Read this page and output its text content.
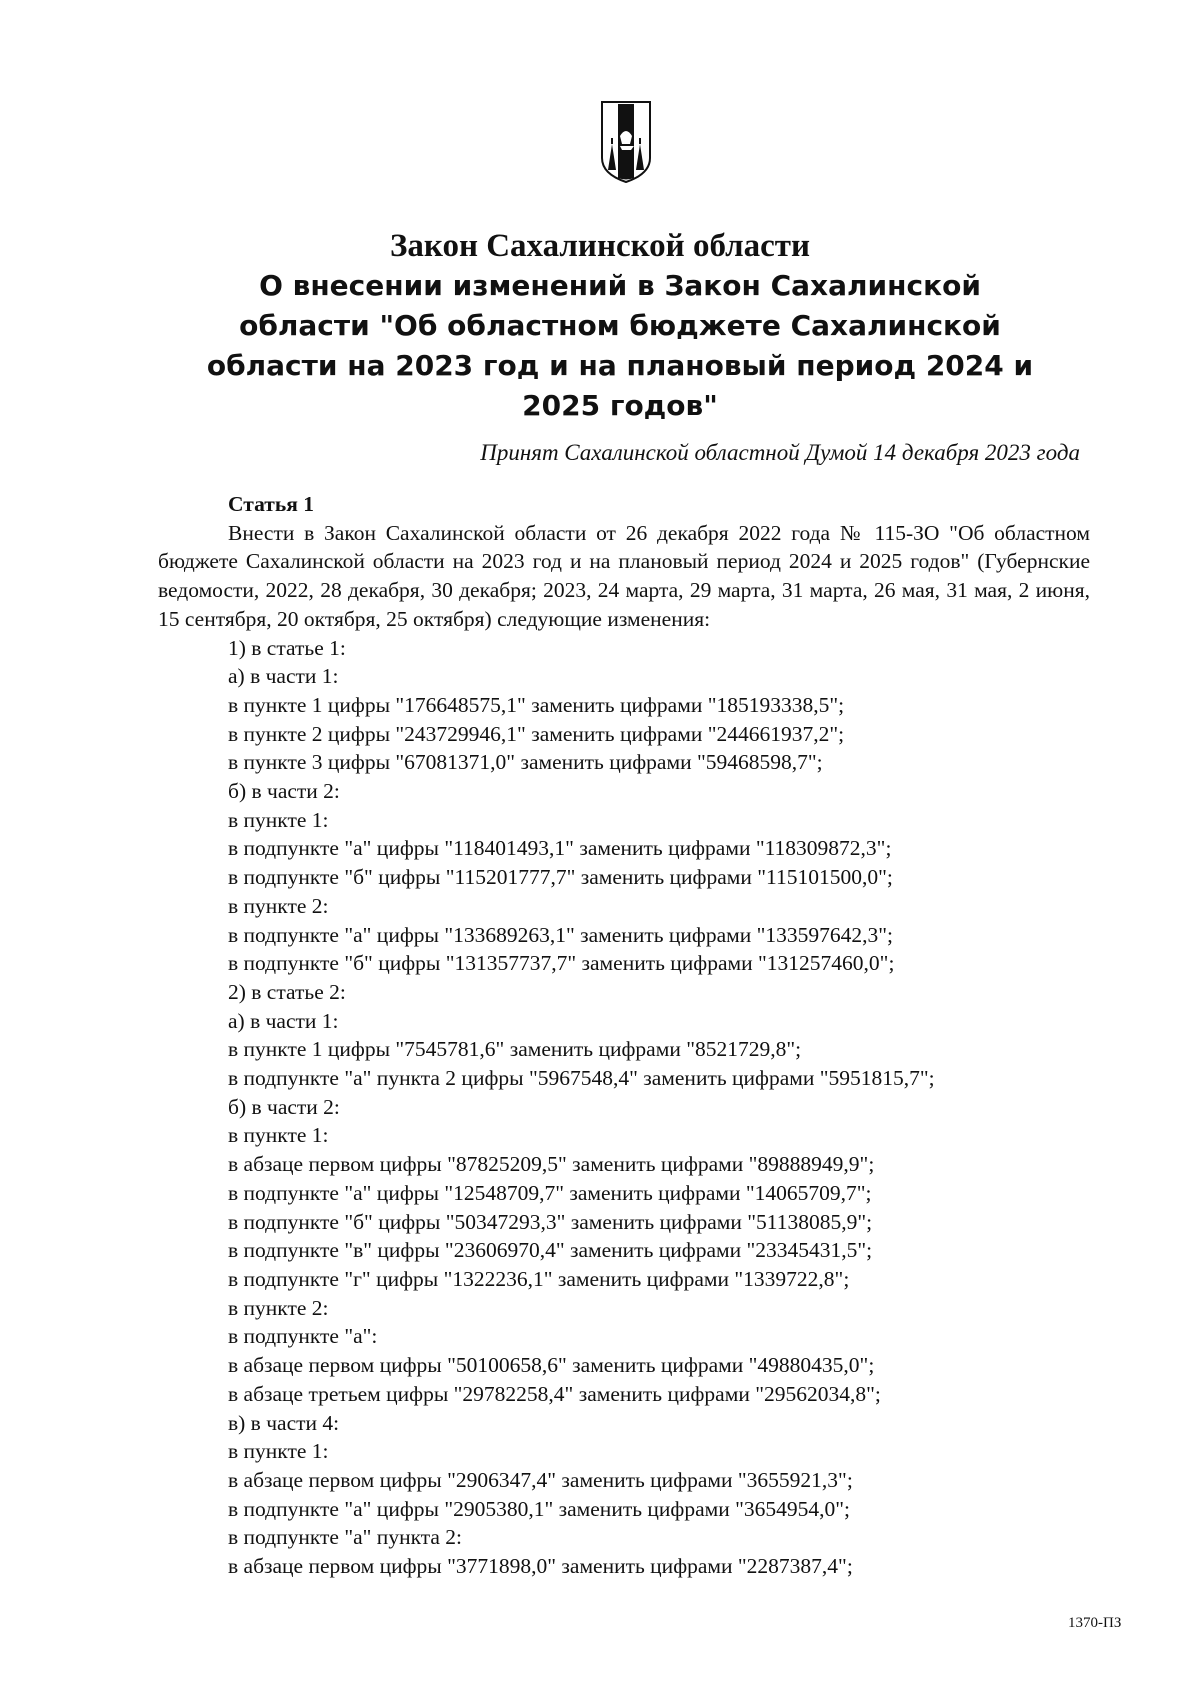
Закон Сахалинской области
О внесении изменений в Закон Сахалинской области "Об областном бюджете Сахалинской области на 2023 год и на плановый период 2024 и 2025 годов"
Принят Сахалинской областной Думой 14 декабря 2023 года
Статья 1
Внести в Закон Сахалинской области от 26 декабря 2022 года № 115-ЗО "Об областном бюджете Сахалинской области на 2023 год и на плановый период 2024 и 2025 годов" (Губернские ведомости, 2022, 28 декабря, 30 декабря; 2023, 24 марта, 29 марта, 31 марта, 26 мая, 31 мая, 2 июня, 15 сентября, 20 октября, 25 октября) следующие изменения:
1) в статье 1:
а) в части 1:
в пункте 1 цифры "176648575,1" заменить цифрами "185193338,5";
в пункте 2 цифры "243729946,1" заменить цифрами "244661937,2";
в пункте 3 цифры "67081371,0" заменить цифрами "59468598,7";
б) в части 2:
в пункте 1:
в подпункте "а" цифры "118401493,1" заменить цифрами "118309872,3";
в подпункте "б" цифры "115201777,7" заменить цифрами "115101500,0";
в пункте 2:
в подпункте "а" цифры "133689263,1" заменить цифрами "133597642,3";
в подпункте "б" цифры "131357737,7" заменить цифрами "131257460,0";
2) в статье 2:
а) в части 1:
в пункте 1 цифры "7545781,6" заменить цифрами "8521729,8";
в подпункте "а" пункта 2 цифры "5967548,4" заменить цифрами "5951815,7";
б) в части 2:
в пункте 1:
в абзаце первом цифры "87825209,5" заменить цифрами "89888949,9";
в подпункте "а" цифры "12548709,7" заменить цифрами "14065709,7";
в подпункте "б" цифры "50347293,3" заменить цифрами "51138085,9";
в подпункте "в" цифры "23606970,4" заменить цифрами "23345431,5";
в подпункте "г" цифры "1322236,1" заменить цифрами "1339722,8";
в пункте 2:
в подпункте "а":
в абзаце первом цифры "50100658,6" заменить цифрами "49880435,0";
в абзаце третьем цифры "29782258,4" заменить цифрами "29562034,8";
в) в части 4:
в пункте 1:
в абзаце первом цифры "2906347,4" заменить цифрами "3655921,3";
в подпункте "а" цифры "2905380,1" заменить цифрами "3654954,0";
в подпункте "а" пункта 2:
в абзаце первом цифры "3771898,0" заменить цифрами "2287387,4";
1370-ПЗ
